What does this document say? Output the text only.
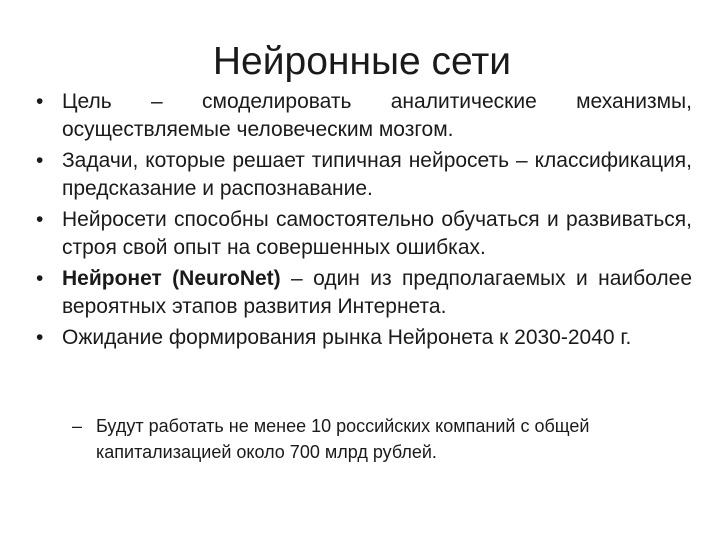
Нейронные сети
• Цель – смоделировать аналитические механизмы, осуществляемые человеческим мозгом.
• Задачи, которые решает типичная нейросеть – классификация, предсказание и распознавание.
• Нейросети способны самостоятельно обучаться и развиваться, строя свой опыт на совершенных ошибках.
• Нейронет (NeuroNet) – один из предполагаемых и наиболее вероятных этапов развития Интернета.
• Ожидание формирования рынка Нейронета к 2030-2040 г.
– Будут работать не менее 10 российских компаний с общей капитализацией около 700 млрд рублей.
